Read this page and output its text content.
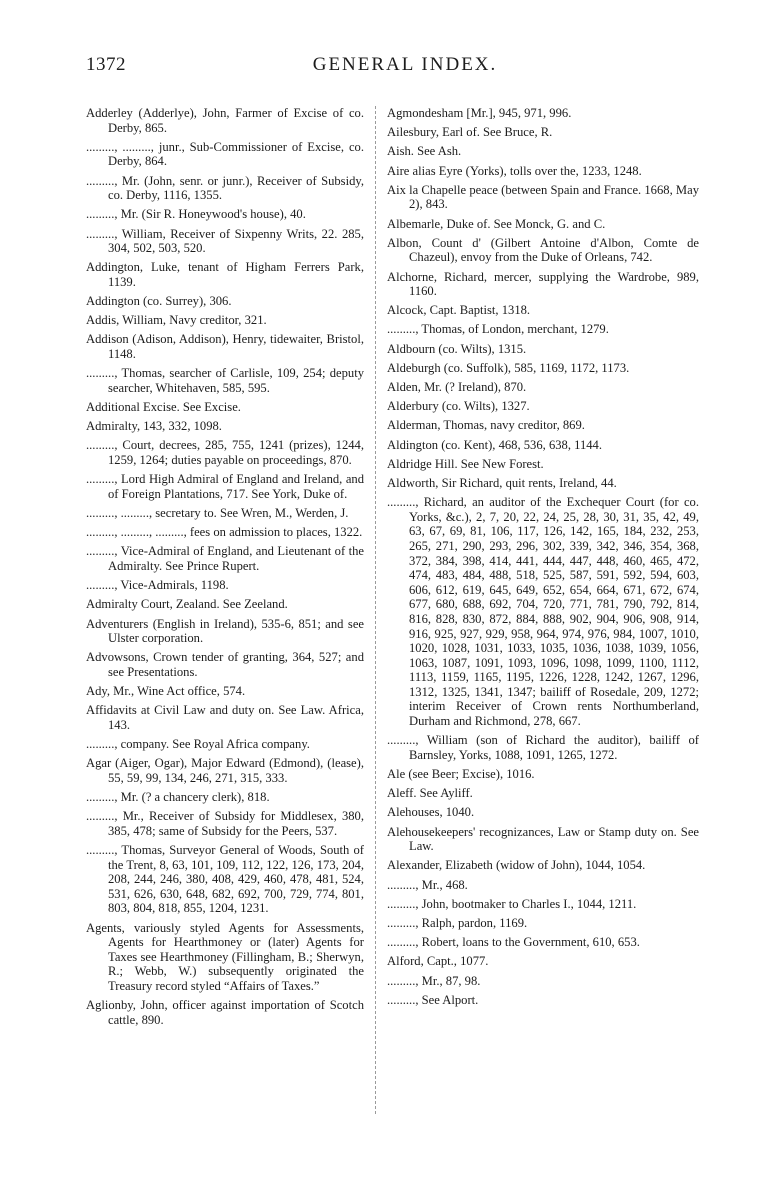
1372	GENERAL INDEX.
Adderley (Adderlye), John, Farmer of Excise of co. Derby, 865.
........., ........., junr., Sub-Commissioner of Excise, co. Derby, 864.
........., Mr. (John, senr. or junr.), Receiver of Subsidy, co. Derby, 1116, 1355.
........., Mr. (Sir R. Honeywood's house), 40.
........., William, Receiver of Sixpenny Writs, 22. 285, 304, 502, 503, 520.
Addington, Luke, tenant of Higham Ferrers Park, 1139.
Addington (co. Surrey), 306.
Addis, William, Navy creditor, 321.
Addison (Adison, Addison), Henry, tidewaiter, Bristol, 1148.
........., Thomas, searcher of Carlisle, 109, 254; deputy searcher, Whitehaven, 585, 595.
Additional Excise. See Excise.
Admiralty, 143, 332, 1098.
........., Court, decrees, 285, 755, 1241 (prizes), 1244, 1259, 1264; duties payable on proceedings, 870.
........., Lord High Admiral of England and Ireland, and of Foreign Plantations, 717. See York, Duke of.
........., ........., secretary to. See Wren, M., Werden, J.
........., ........., ........., fees on admission to places, 1322.
........., Vice-Admiral of England, and Lieutenant of the Admiralty. See Prince Rupert.
........., Vice-Admirals, 1198.
Admiralty Court, Zealand. See Zeeland.
Adventurers (English in Ireland), 535-6, 851; and see Ulster corporation.
Advowsons, Crown tender of granting, 364, 527; and see Presentations.
Ady, Mr., Wine Act office, 574.
Affidavits at Civil Law and duty on. See Law. Africa, 143.
........., company. See Royal Africa company.
Agar (Aiger, Ogar), Major Edward (Edmond), (lease), 55, 59, 99, 134, 246, 271, 315, 333.
........., Mr. (? a chancery clerk), 818.
........., Mr., Receiver of Subsidy for Middlesex, 380, 385, 478; same of Subsidy for the Peers, 537.
........., Thomas, Surveyor General of Woods, South of the Trent, 8, 63, 101, 109, 112, 122, 126, 173, 204, 208, 244, 246, 380, 408, 429, 460, 478, 481, 524, 531, 626, 630, 648, 682, 692, 700, 729, 774, 801, 803, 804, 818, 855, 1204, 1231.
Agents, variously styled Agents for Assessments, Agents for Hearthmoney or (later) Agents for Taxes see Hearthmoney (Fillingham, B.; Sherwyn, R.; Webb, W.) subsequently originated the Treasury record styled “Affairs of Taxes.”
Aglionby, John, officer against importation of Scotch cattle, 890.
Agmondesham [Mr.], 945, 971, 996.
Ailesbury, Earl of. See Bruce, R.
Aish. See Ash.
Aire alias Eyre (Yorks), tolls over the, 1233, 1248.
Aix la Chapelle peace (between Spain and France. 1668, May 2), 843.
Albemarle, Duke of. See Monck, G. and C.
Albon, Count d' (Gilbert Antoine d'Albon, Comte de Chazeul), envoy from the Duke of Orleans, 742.
Alchorne, Richard, mercer, supplying the Wardrobe, 989, 1160.
Alcock, Capt. Baptist, 1318.
........., Thomas, of London, merchant, 1279.
Aldbourn (co. Wilts), 1315.
Aldeburgh (co. Suffolk), 585, 1169, 1172, 1173.
Alden, Mr. (? Ireland), 870.
Alderbury (co. Wilts), 1327.
Alderman, Thomas, navy creditor, 869.
Aldington (co. Kent), 468, 536, 638, 1144.
Aldridge Hill. See New Forest.
Aldworth, Sir Richard, quit rents, Ireland, 44.
........., Richard, an auditor of the Exchequer Court (for co. Yorks, &c.), 2, 7, 20, 22, 24, 25, 28, 30, 31, 35, 42, 49, 63, 67, 69, 81, 106, 117, 126, 142, 165, 184, 232, 253, 265, 271, 290, 293, 296, 302, 339, 342, 346, 354, 368, 372, 384, 398, 414, 441, 444, 447, 448, 460, 465, 472, 474, 483, 484, 488, 518, 525, 587, 591, 592, 594, 603, 606, 612, 619, 645, 649, 652, 654, 664, 671, 672, 674, 677, 680, 688, 692, 704, 720, 771, 781, 790, 792, 814, 816, 828, 830, 872, 884, 888, 902, 904, 906, 908, 914, 916, 925, 927, 929, 958, 964, 974, 976, 984, 1007, 1010, 1020, 1028, 1031, 1033, 1035, 1036, 1038, 1039, 1056, 1063, 1087, 1091, 1093, 1096, 1098, 1099, 1100, 1112, 1113, 1159, 1165, 1195, 1226, 1228, 1242, 1267, 1296, 1312, 1325, 1341, 1347; bailiff of Rosedale, 209, 1272; interim Receiver of Crown rents Northumberland, Durham and Richmond, 278, 667.
........., William (son of Richard the auditor), bailiff of Barnsley, Yorks, 1088, 1091, 1265, 1272.
Ale (see Beer; Excise), 1016.
Aleff. See Ayliff.
Alehouses, 1040.
Alehousekeepers' recognizances, Law or Stamp duty on. See Law.
Alexander, Elizabeth (widow of John), 1044, 1054.
........., Mr., 468.
........., John, bootmaker to Charles I., 1044, 1211.
........., Ralph, pardon, 1169.
........., Robert, loans to the Government, 610, 653.
Alford, Capt., 1077.
........., Mr., 87, 98.
........., See Alport.
